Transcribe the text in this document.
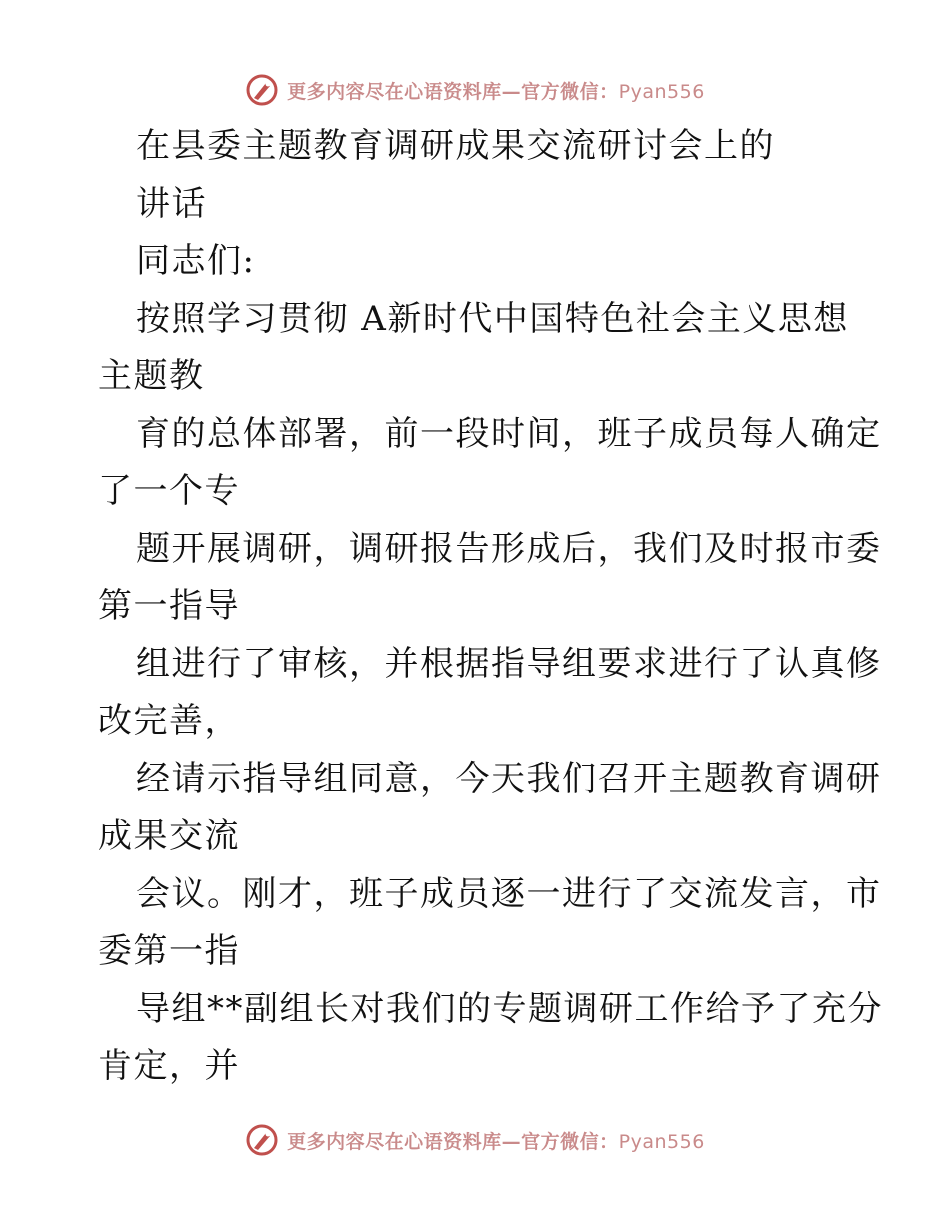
更多内容尽在心语资料库—官方微信：Pyan556
在县委主题教育调研成果交流研讨会上的
讲话
同志们:
按照学习贯彻 A新时代中国特色社会主义思想
主题教
育的总体部署，前一段时间，班子成员每人确定
了一个专
题开展调研，调研报告形成后，我们及时报市委
第一指导
组进行了审核，并根据指导组要求进行了认真修
改完善，
经请示指导组同意，今天我们召开主题教育调研
成果交流
会议。刚才，班子成员逐一进行了交流发言，市
委第一指
导组**副组长对我们的专题调研工作给予了充分
肯定，并
更多内容尽在心语资料库—官方微信：Pyan556
